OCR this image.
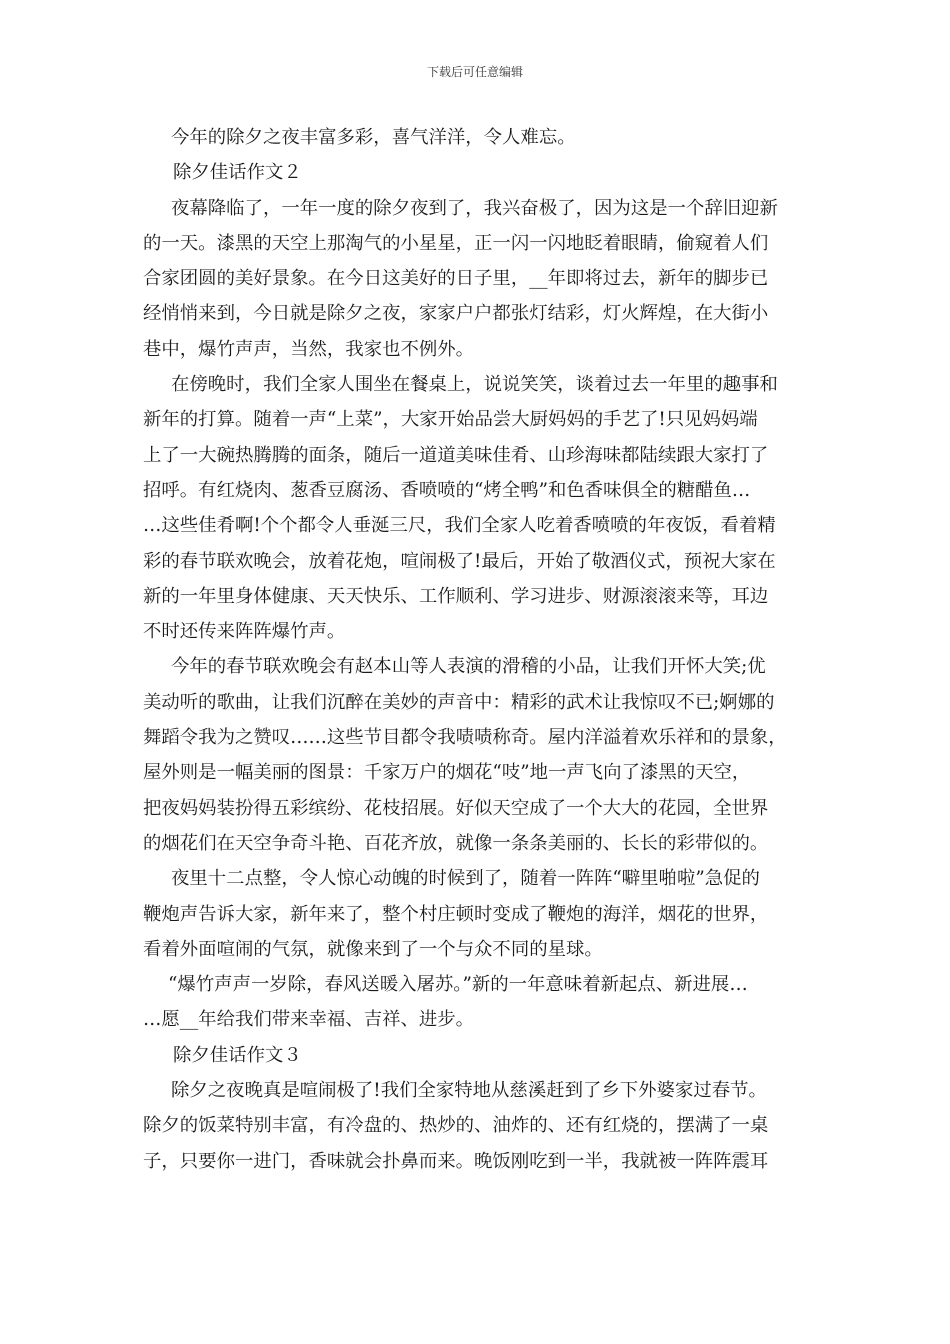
下载后可任意编辑

今年的除夕之夜丰富多彩，喜气洋洋，令人难忘。

除夕佳话作文２

夜幕降临了，一年一度的除夕夜到了，我兴奋极了，因为这是一个辞旧迎新

的一天。漆黑的天空上那淘气的小星星，正一闪一闪地眨着眼睛，偷窥着人们

合家团圆的美好景象。在今日这美好的日子里，__年即将过去，新年的脚步已

经悄悄来到，今日就是除夕之夜，家家户户都张灯结彩，灯火辉煌，在大街小

巷中，爆竹声声，当然，我家也不例外。

在傍晚时，我们全家人围坐在餐桌上，说说笑笑，谈着过去一年里的趣事和

新年的打算。随着一声“上菜”，大家开始品尝大厨妈妈的手艺了!只见妈妈端

上了一大碗热腾腾的面条，随后一道道美味佳肴、山珍海味都陆续跟大家打了

招呼。有红烧肉、葱香豆腐汤、香喷喷的“烤全鸭”和色香味俱全的糖醋鱼…

…这些佳肴啊!个个都令人垂涎三尺，我们全家人吃着香喷喷的年夜饭，看着精

彩的春节联欢晚会，放着花炮，喧闹极了!最后，开始了敬酒仪式，预祝大家在

新的一年里身体健康、天天快乐、工作顺利、学习进步、财源滚滚来等，耳边

不时还传来阵阵爆竹声。

今年的春节联欢晚会有赵本山等人表演的滑稽的小品，让我们开怀大笑;优

美动听的歌曲，让我们沉醉在美妙的声音中：精彩的武术让我惊叹不已;婀娜的

舞蹈令我为之赞叹……这些节目都令我啧啧称奇。屋内洋溢着欢乐祥和的景象，

屋外则是一幅美丽的图景：千家万户的烟花“吱”地一声飞向了漆黑的天空，

把夜妈妈装扮得五彩缤纷、花枝招展。好似天空成了一个大大的花园，全世界

的烟花们在天空争奇斗艳、百花齐放，就像一条条美丽的、长长的彩带似的。

夜里十二点整，令人惊心动魄的时候到了，随着一阵阵“噼里啪啦”急促的

鞭炮声告诉大家，新年来了，整个村庄顿时变成了鞭炮的海洋，烟花的世界，

看着外面喧闹的气氛，就像来到了一个与众不同的星球。

“爆竹声声一岁除，春风送暖入屠苏。”新的一年意味着新起点、新进展…

…愿__年给我们带来幸福、吉祥、进步。

除夕佳话作文３

除夕之夜晚真是喧闹极了!我们全家特地从慈溪赶到了乡下外婆家过春节。

除夕的饭菜特别丰富，有冷盘的、热炒的、油炸的、还有红烧的，摆满了一桌

子，只要你一进门，香味就会扑鼻而来。晚饭刚吃到一半，我就被一阵阵震耳
